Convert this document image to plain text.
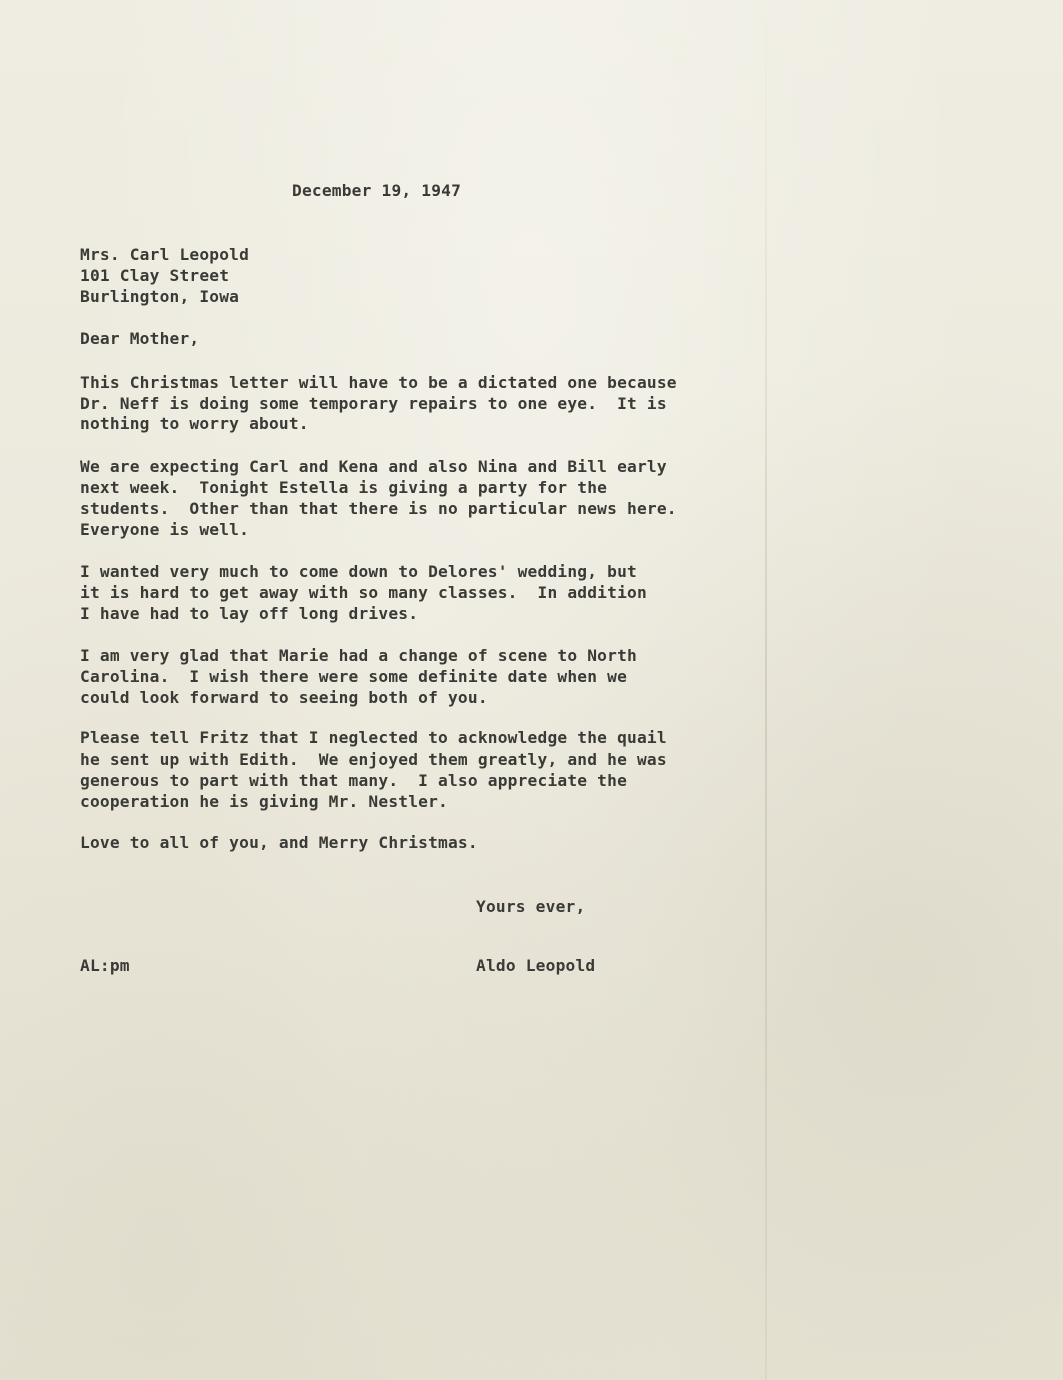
December 19, 1947
Mrs. Carl Leopold
101 Clay Street
Burlington, Iowa
Dear Mother,
This Christmas letter will have to be a dictated one because
Dr. Neff is doing some temporary repairs to one eye.  It is
nothing to worry about.
We are expecting Carl and Kena and also Nina and Bill early
next week.  Tonight Estella is giving a party for the
students.  Other than that there is no particular news here.
Everyone is well.
I wanted very much to come down to Delores' wedding, but
it is hard to get away with so many classes.  In addition
I have had to lay off long drives.
I am very glad that Marie had a change of scene to North
Carolina.  I wish there were some definite date when we
could look forward to seeing both of you.
Please tell Fritz that I neglected to acknowledge the quail
he sent up with Edith.  We enjoyed them greatly, and he was
generous to part with that many.  I also appreciate the
cooperation he is giving Mr. Nestler.
Love to all of you, and Merry Christmas.
Yours ever,
AL:pm	Aldo Leopold
